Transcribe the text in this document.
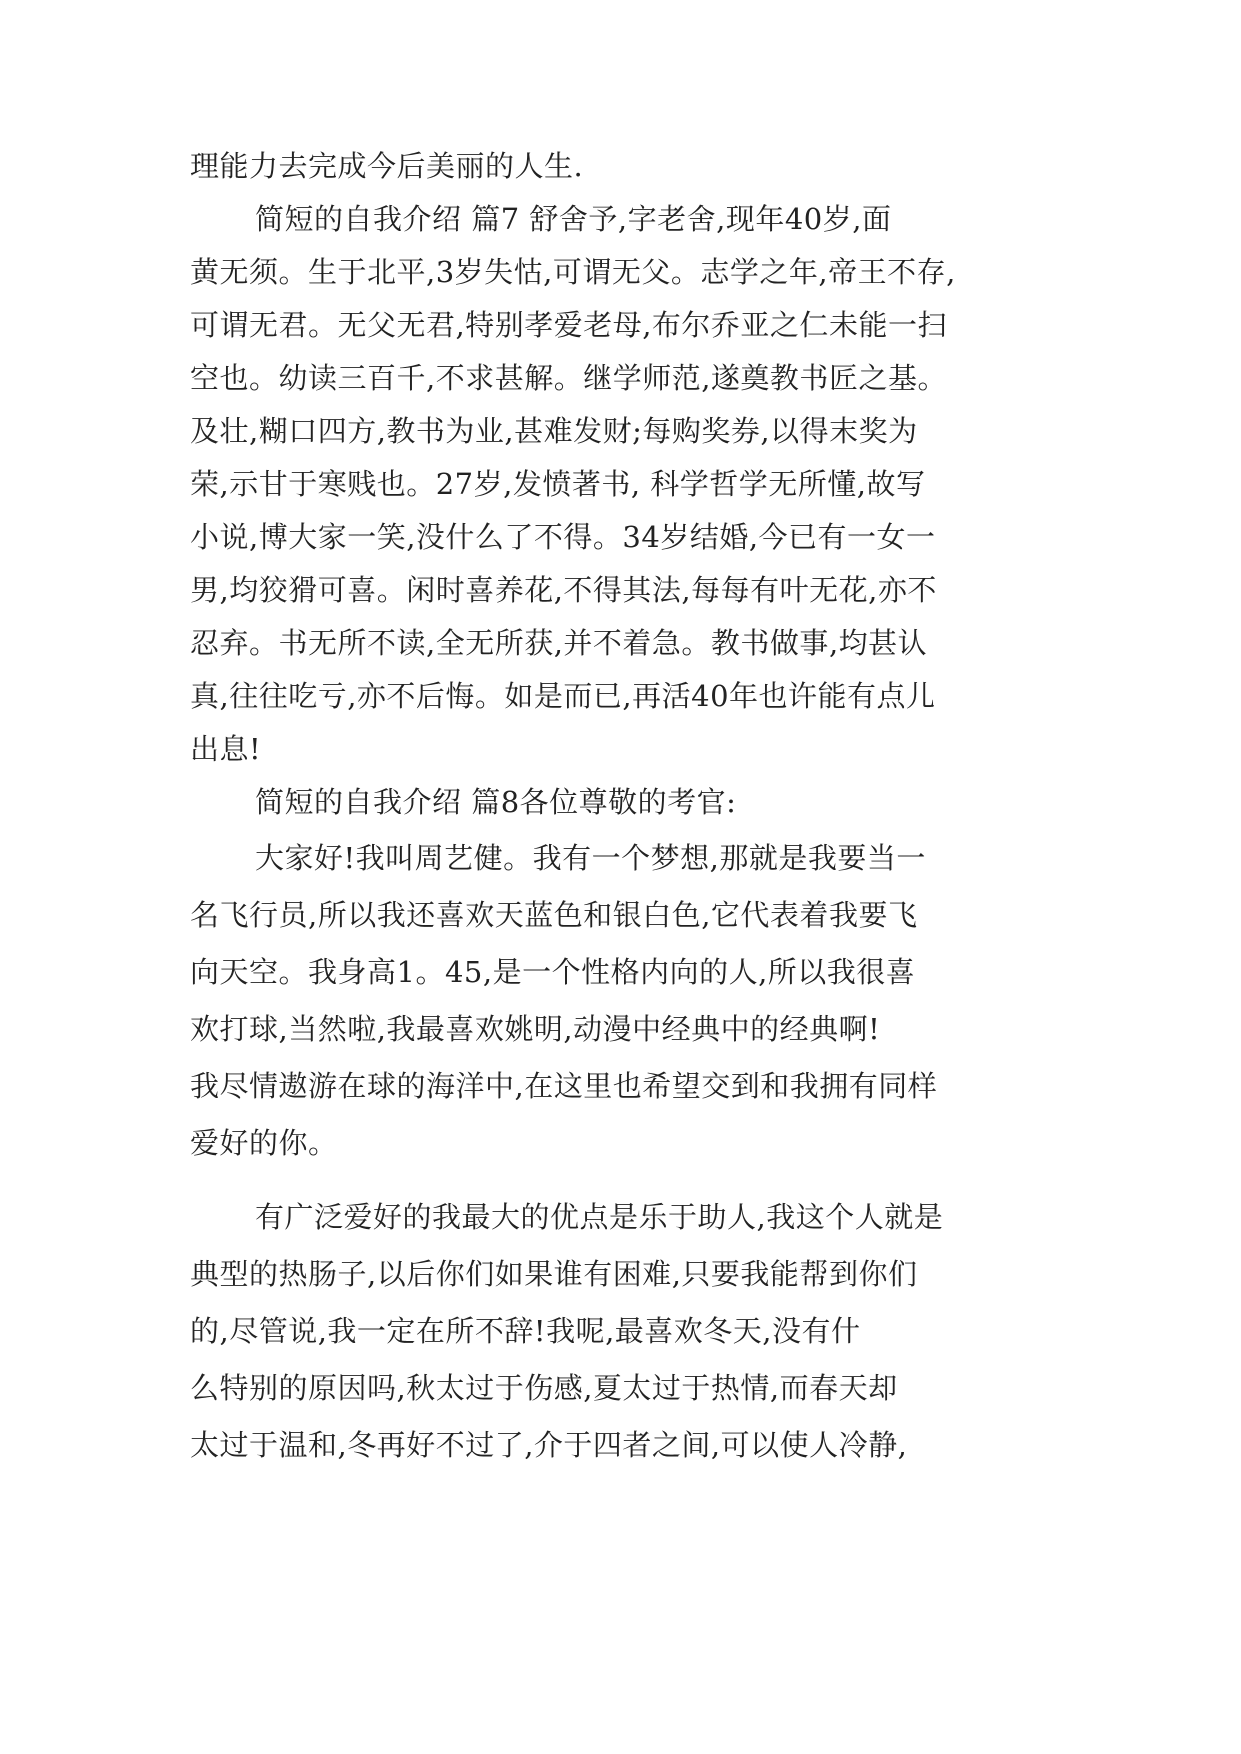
理能力去完成今后美丽的人生.
简短的自我介绍 篇7 舒舍予,字老舍,现年40岁,面
黄无须。生于北平,3岁失怙,可谓无父。志学之年,帝王不存,
可谓无君。无父无君,特别孝爱老母,布尔乔亚之仁未能一扫
空也。幼读三百千,不求甚解。继学师范,遂奠教书匠之基。
及壮,糊口四方,教书为业,甚难发财;每购奖券,以得末奖为
荣,示甘于寒贱也。27岁,发愤著书, 科学哲学无所懂,故写
小说,博大家一笑,没什么了不得。34岁结婚,今已有一女一
男,均狡猾可喜。闲时喜养花,不得其法,每每有叶无花,亦不
忍弃。书无所不读,全无所获,并不着急。教书做事,均甚认
真,往往吃亏,亦不后悔。如是而已,再活40年也许能有点儿
出息!
简短的自我介绍 篇8各位尊敬的考官:
大家好!我叫周艺健。我有一个梦想,那就是我要当一
名飞行员,所以我还喜欢天蓝色和银白色,它代表着我要飞
向天空。我身高1。45,是一个性格内向的人,所以我很喜
欢打球,当然啦,我最喜欢姚明,动漫中经典中的经典啊!
我尽情遨游在球的海洋中,在这里也希望交到和我拥有同样
爱好的你。
有广泛爱好的我最大的优点是乐于助人,我这个人就是
典型的热肠子,以后你们如果谁有困难,只要我能帮到你们
的,尽管说,我一定在所不辞!我呢,最喜欢冬天,没有什
么特别的原因吗,秋太过于伤感,夏太过于热情,而春天却
太过于温和,冬再好不过了,介于四者之间,可以使人冷静,
